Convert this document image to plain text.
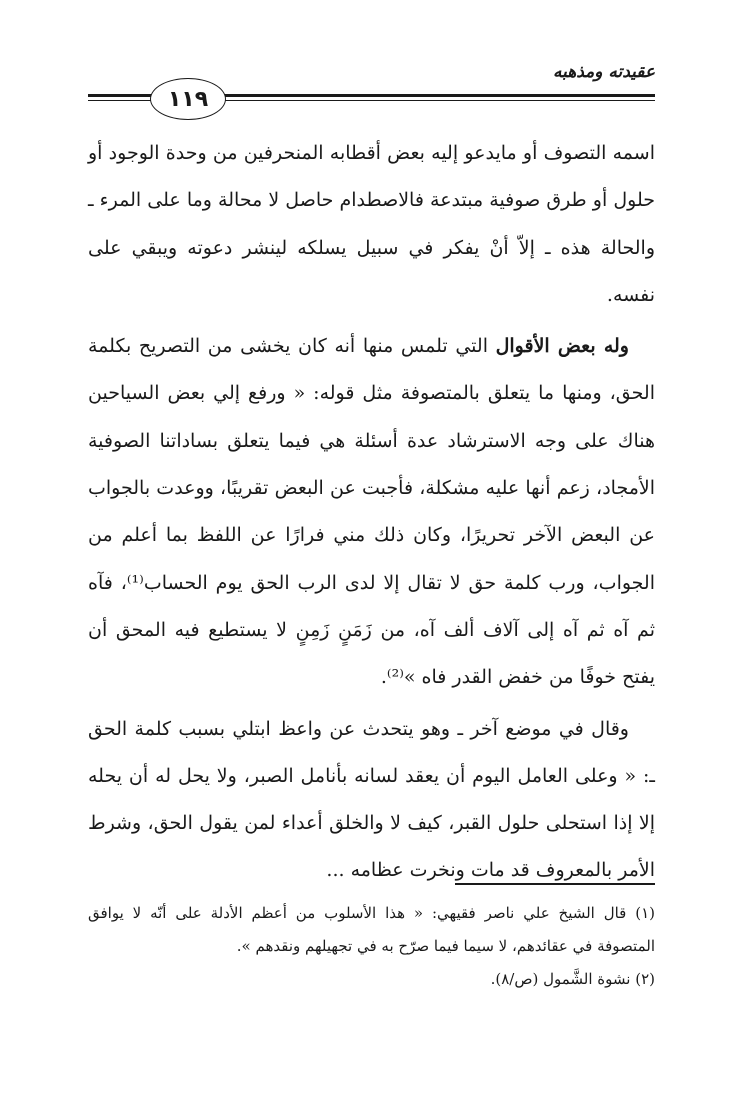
عقيدته ومذهبه
١١٩

اسمه التصوف أو مايدعو إليه بعض أقطابه المنحرفين من وحدة الوجود أو حلول أو طرق صوفية مبتدعة فالاصطدام حاصل لا محالة وما على المرء ـ والحالة هذه ـ إلاّ أنْ يفكر في سبيل يسلكه لينشر دعوته ويبقي على نفسه.

وله بعض الأقوال التي تلمس منها أنه كان يخشى من التصريح بكلمة الحق، ومنها ما يتعلق بالمتصوفة مثل قوله: « ورفع إلي بعض السياحين هناك على وجه الاسترشاد عدة أسئلة هي فيما يتعلق بساداتنا الصوفية الأمجاد، زعم أنها عليه مشكلة، فأجبت عن البعض تقريبًا، ووعدت بالجواب عن البعض الآخر تحريرًا، وكان ذلك مني فرارًا عن اللفظ بما أعلم من الجواب، ورب كلمة حق لا تقال إلا لدى الرب الحق يوم الحساب⁽¹⁾، فآه ثم آه ثم آه إلى آلاف ألف آه، من زَمَنٍ زَمِنٍ لا يستطيع فيه المحق أن يفتح خوفًا من خفض القدر فاه »⁽²⁾.

وقال في موضع آخر ـ وهو يتحدث عن واعظ ابتلي بسبب كلمة الحق ـ: « وعلى العامل اليوم أن يعقد لسانه بأنامل الصبر، ولا يحل له أن يحله إلا إذا استحلى حلول القبر، كيف لا والخلق أعداء لمن يقول الحق، وشرط الأمر بالمعروف قد مات ونخرت عظامه ...

(١) قال الشيخ علي ناصر فقيهي: « هذا الأسلوب من أعظم الأدلة على أنّه لا يوافق المتصوفة في عقائدهم، لا سيما فيما صرّح به في تجهيلهم ونقدهم ».

(٢) نشوة الشَّمول (ص/٨).
